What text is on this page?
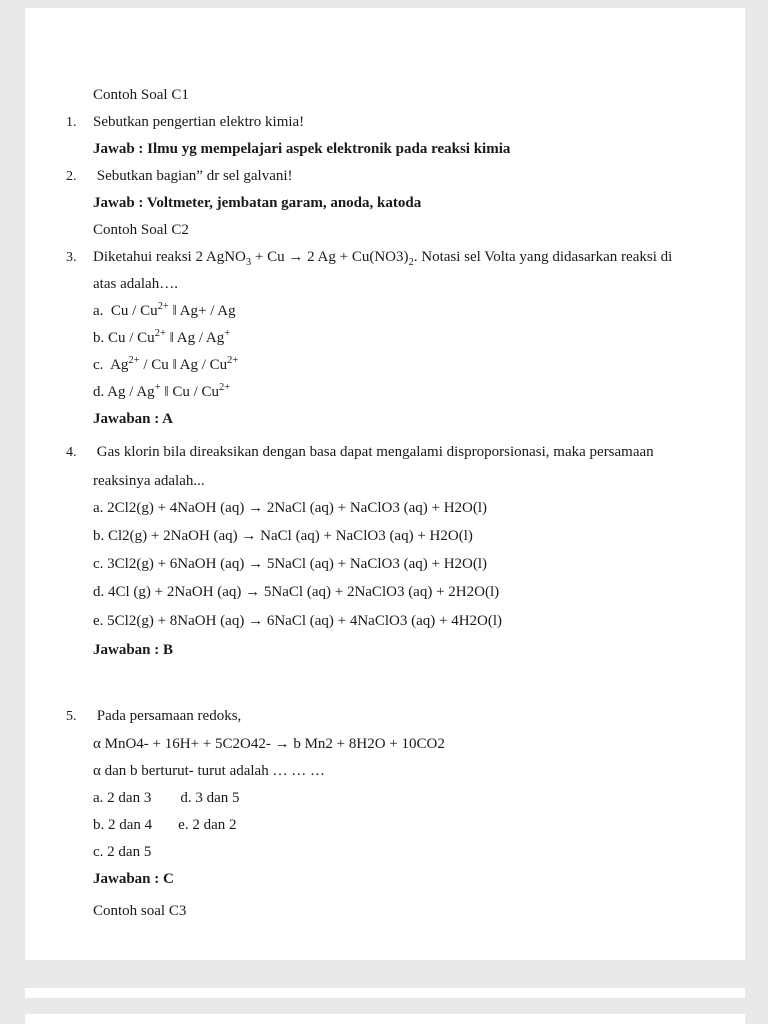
Contoh Soal C1
1. Sebutkan pengertian elektro kimia!
Jawab : Ilmu yg mempelajari aspek elektronik pada reaksi kimia
2. Sebutkan bagian” dr sel galvani!
Jawab : Voltmeter, jembatan garam, anoda, katoda
Contoh Soal C2
3. Diketahui reaksi 2 AgNO$_3$ + Cu → 2 $Ag + Cu(NO3)_2$. Notasi sel Volta yang didasarkan reaksi di
atas adalah….
a.  Cu / $Cu^{2+}$ ‖ Ag+ / Ag
b. Cu / $Cu^{2+}$ ‖ Ag / Ag+
c.  $Ag^{2+}$ / Cu ‖ Ag / $Cu^{2+}$
d. Ag / Ag+ ‖ Cu / $Cu^{2+}$
Jawaban : A
4. Gas klorin bila direaksikan dengan basa dapat mengalami disproporsionasi, maka persamaan
reaksinya adalah...
a. 2Cl2(g) + 4NaOH (aq) → 2NaCl (aq) + NaClO3 (aq) + H2O(l)
b. Cl2(g) + 2NaOH (aq) → NaCl (aq) + NaClO3 (aq) + H2O(l)
c. 3Cl2(g) + 6NaOH (aq) → 5NaCl (aq) + NaClO3 (aq) + H2O(l)
d. 4Cl (g) + 2NaOH (aq) → 5NaCl (aq) + 2NaClO3 (aq) + 2H2O(l)
e. 5Cl2(g) + 8NaOH (aq) → 6NaCl (aq) + 4NaClO3 (aq) + 4H2O(l)
Jawaban : B
5. Pada persamaan redoks,
α MnO4- + 16H+ + 5C2O42- → b Mn2 + 8H2O + 10CO2
α dan b berturut- turut adalah … … …
a. 2 dan 3 d. 3 dan 5
b. 2 dan 4 e. 2 dan 2
c. 2 dan 5
Jawaban : C
Contoh soal C3
